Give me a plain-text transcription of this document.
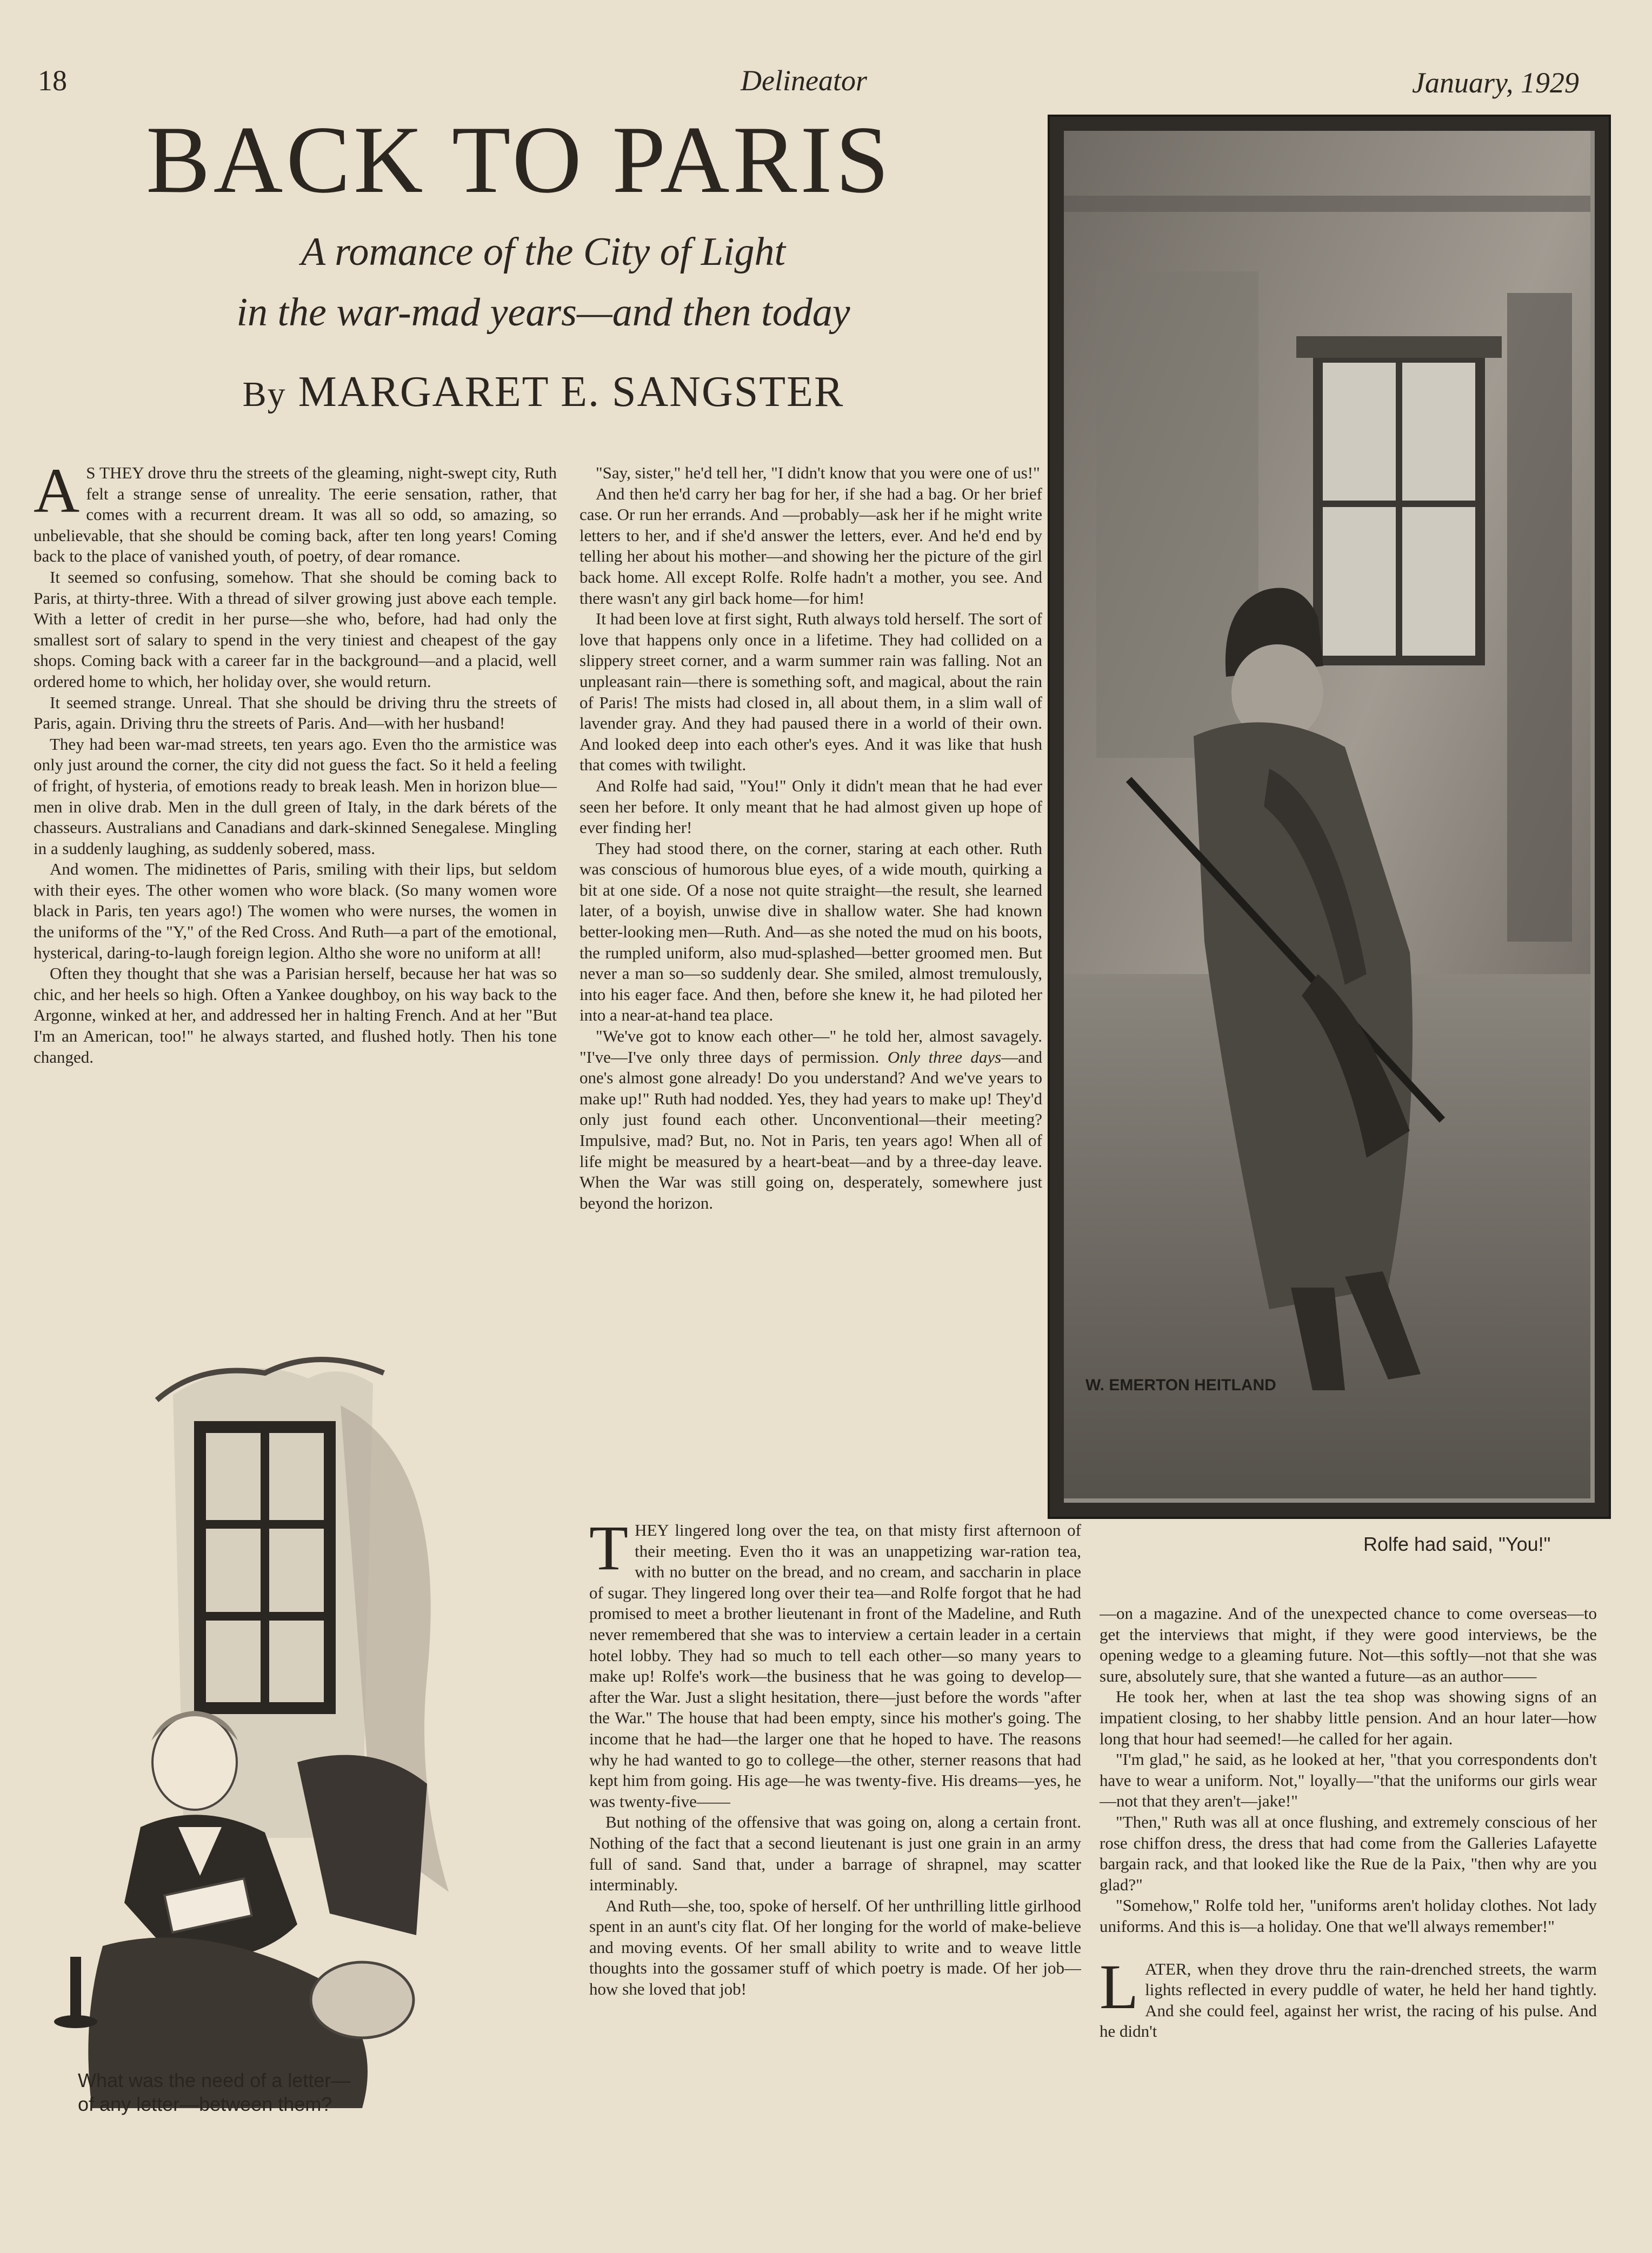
18	Delineator	January, 1929
BACK TO PARIS
A romance of the City of Light
in the war-mad years—and then today
By MARGARET E. SANGSTER

A S THEY drove thru the streets of the gleaming, night-swept city, Ruth felt a strange sense of unreality. The eerie sensation, rather, that comes with a recurrent dream. It was all so odd, so amazing, so unbelievable, that she should be coming back, after ten long years! Coming back to the place of vanished youth, of poetry, of dear romance.

It seemed so confusing, somehow. That she should be coming back to Paris, at thirty-three. With a thread of silver growing just above each temple. With a letter of credit in her purse—she who, before, had had only the smallest sort of salary to spend in the very tiniest and cheapest of the gay shops. Coming back with a career far in the background—and a placid, well ordered home to which, her holiday over, she would return.

It seemed strange. Unreal. That she should be driving thru the streets of Paris, again. Driving thru the streets of Paris. And—with her husband!

They had been war-mad streets, ten years ago. Even tho the armistice was only just around the corner, the city did not guess the fact. So it held a feeling of fright, of hysteria, of emotions ready to break leash. Men in horizon blue—men in olive drab. Men in the dull green of Italy, in the dark bérets of the chasseurs. Australians and Canadians and dark-skinned Senegalese. Mingling in a suddenly laughing, as suddenly sobered, mass.

And women. The midinettes of Paris, smiling with their lips, but seldom with their eyes. The other women who wore black. (So many women wore black in Paris, ten years ago!) The women who were nurses, the women in the uniforms of the "Y," of the Red Cross. And Ruth—a part of the emotional, hysterical, daring-to-laugh foreign legion. Altho she wore no uniform at all!

Often they thought that she was a Parisian herself, because her hat was so chic, and her heels so high. Often a Yankee doughboy, on his way back to the Argonne, winked at her, and addressed her in halting French. And at her "But I'm an American, too!" he always started, and flushed hotly. Then his tone changed.

"Say, sister," he'd tell her, "I didn't know that you were one of us!"

And then he'd carry her bag for her, if she had a bag. Or her brief case. Or run her errands. And —probably—ask her if he might write letters to her, and if she'd answer the letters, ever. And he'd end by telling her about his mother—and showing her the picture of the girl back home. All except Rolfe. Rolfe hadn't a mother, you see. And there wasn't any girl back home—for him!

It had been love at first sight, Ruth always told herself. The sort of love that happens only once in a lifetime. They had collided on a slippery street corner, and a warm summer rain was falling. Not an unpleasant rain—there is something soft, and magical, about the rain of Paris! The mists had closed in, all about them, in a slim wall of lavender gray. And they had paused there in a world of their own. And looked deep into each other's eyes. And it was like that hush that comes with twilight.

And Rolfe had said, "You!" Only it didn't mean that he had ever seen her before. It only meant that he had almost given up hope of ever finding her!

They had stood there, on the corner, staring at each other. Ruth was conscious of humorous blue eyes, of a wide mouth, quirking a bit at one side. Of a nose not quite straight—the result, she learned later, of a boyish, unwise dive in shallow water. She had known better-looking men—Ruth. And—as she noted the mud on his boots, the rumpled uniform, also mud-splashed—better groomed men. But never a man so—so suddenly dear. She smiled, almost tremulously, into his eager face. And then, before she knew it, he had piloted her into a near-at-hand tea place.

"We've got to know each other—" he told her, almost savagely. "I've—I've only three days of permission. Only three days—and one's almost gone already! Do you understand? And we've years to make up!" Ruth had nodded. Yes, they had years to make up! They'd only just found each other. Unconventional—their meeting? Impulsive, mad? But, no. Not in Paris, ten years ago! When all of life might be measured by a heart-beat—and by a three-day leave. When the War was still going on, desperately, somewhere just beyond the horizon.

THEY lingered long over the tea, on that misty first afternoon of their meeting. Even tho it was an unappetizing war-ration tea, with no butter on the bread, and no cream, and saccharin in place of sugar. They lingered long over their tea—and Rolfe forgot that he had promised to meet a brother lieutenant in front of the Madeline, and Ruth never remembered that she was to interview a certain leader in a certain hotel lobby. They had so much to tell each other—so many years to make up! Rolfe's work—the business that he was going to develop—after the War. Just a slight hesitation, there—just before the words "after the War." The house that had been empty, since his mother's going. The income that he had—the larger one that he hoped to have. The reasons why he had wanted to go to college—the other, sterner reasons that had kept him from going. His age—he was twenty-five. His dreams—yes, he was twenty-five——

But nothing of the offensive that was going on, along a certain front. Nothing of the fact that a second lieutenant is just one grain in an army full of sand. Sand that, under a barrage of shrapnel, may scatter interminably.

And Ruth—she, too, spoke of herself. Of her unthrilling little girlhood spent in an aunt's city flat. Of her longing for the world of make-believe and moving events. Of her small ability to write and to weave little thoughts into the gossamer stuff of which poetry is made. Of her job—how she loved that job!

—on a magazine. And of the unexpected chance to come overseas—to get the interviews that might, if they were good interviews, be the opening wedge to a gleaming future. Not—this softly—not that she was sure, absolutely sure, that she wanted a future—as an author——

He took her, when at last the tea shop was showing signs of an impatient closing, to her shabby little pension. And an hour later—how long that hour had seemed!—he called for her again.

"I'm glad," he said, as he looked at her, "that you correspondents don't have to wear a uniform. Not," loyally—"that the uniforms our girls wear—not that they aren't—jake!"

"Then," Ruth was all at once flushing, and extremely conscious of her rose chiffon dress, the dress that had come from the Galleries Lafayette bargain rack, and that looked like the Rue de la Paix, "then why are you glad?"

"Somehow," Rolfe told her, "uniforms aren't holiday clothes. Not lady uniforms. And this is—a holiday. One that we'll always remember!"

LATER, when they drove thru the rain-drenched streets, the warm lights reflected in every puddle of water, he held her hand tightly. And she could feel, against her wrist, the racing of his pulse. And he didn't

W. EMERTON HEITLAND
Rolfe had said, "You!"
What was the need of a letter—
of any letter—between them?
